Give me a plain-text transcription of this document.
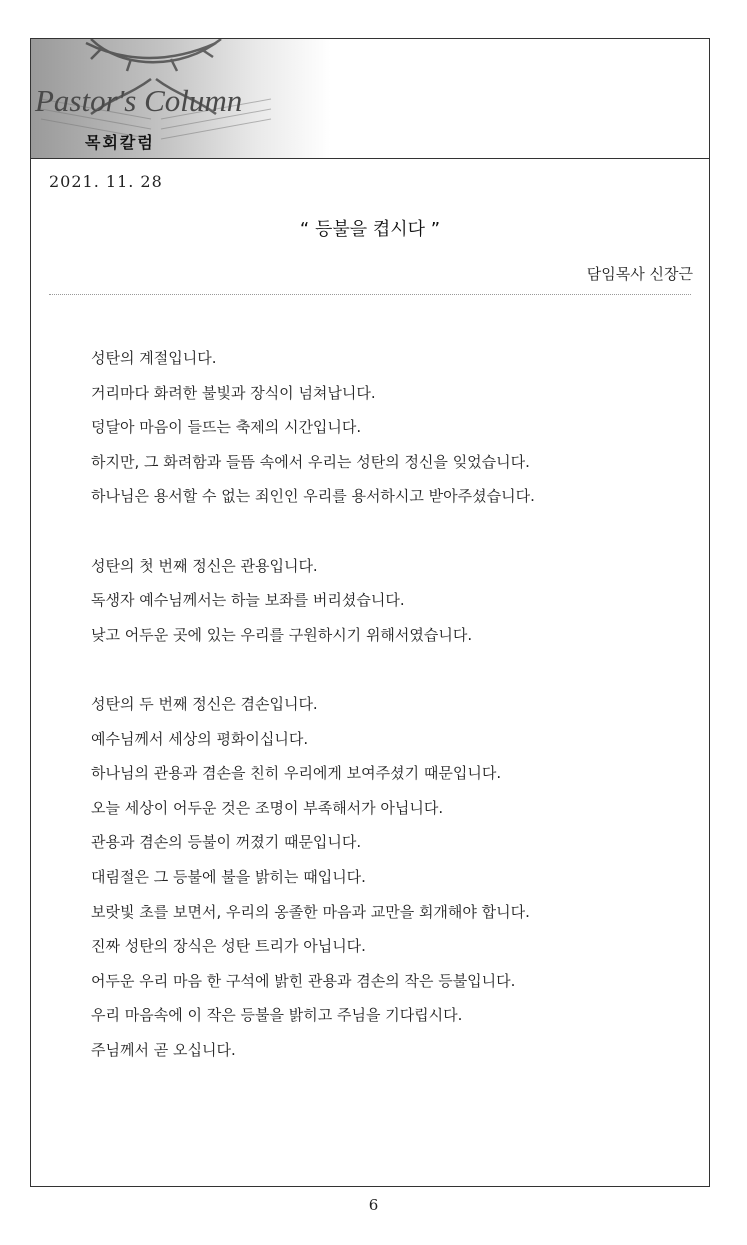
Pastor's Column
목회칼럼
2021. 11. 28
“ 등불을 켭시다 ”
담임목사 신장근
성탄의 계절입니다.
거리마다 화려한 불빛과 장식이 넘쳐납니다.
덩달아 마음이 들뜨는 축제의 시간입니다.
하지만, 그 화려함과 들뜸 속에서 우리는 성탄의 정신을 잊었습니다.
하나님은 용서할 수 없는 죄인인 우리를 용서하시고 받아주셨습니다.
성탄의 첫 번째 정신은 관용입니다.
독생자 예수님께서는 하늘 보좌를 버리셨습니다.
낮고 어두운 곳에 있는 우리를 구원하시기 위해서였습니다.
성탄의 두 번째 정신은 겸손입니다.
예수님께서 세상의 평화이십니다.
하나님의 관용과 겸손을 친히 우리에게 보여주셨기 때문입니다.
오늘 세상이 어두운 것은 조명이 부족해서가 아닙니다.
관용과 겸손의 등불이 꺼졌기 때문입니다.
대림절은 그 등불에 불을 밝히는 때입니다.
보랏빛 초를 보면서, 우리의 옹졸한 마음과 교만을 회개해야 합니다.
진짜 성탄의 장식은 성탄 트리가 아닙니다.
어두운 우리 마음 한 구석에 밝힌 관용과 겸손의 작은 등불입니다.
우리 마음속에 이 작은 등불을 밝히고 주님을 기다립시다.
주님께서 곧 오십니다.
6
